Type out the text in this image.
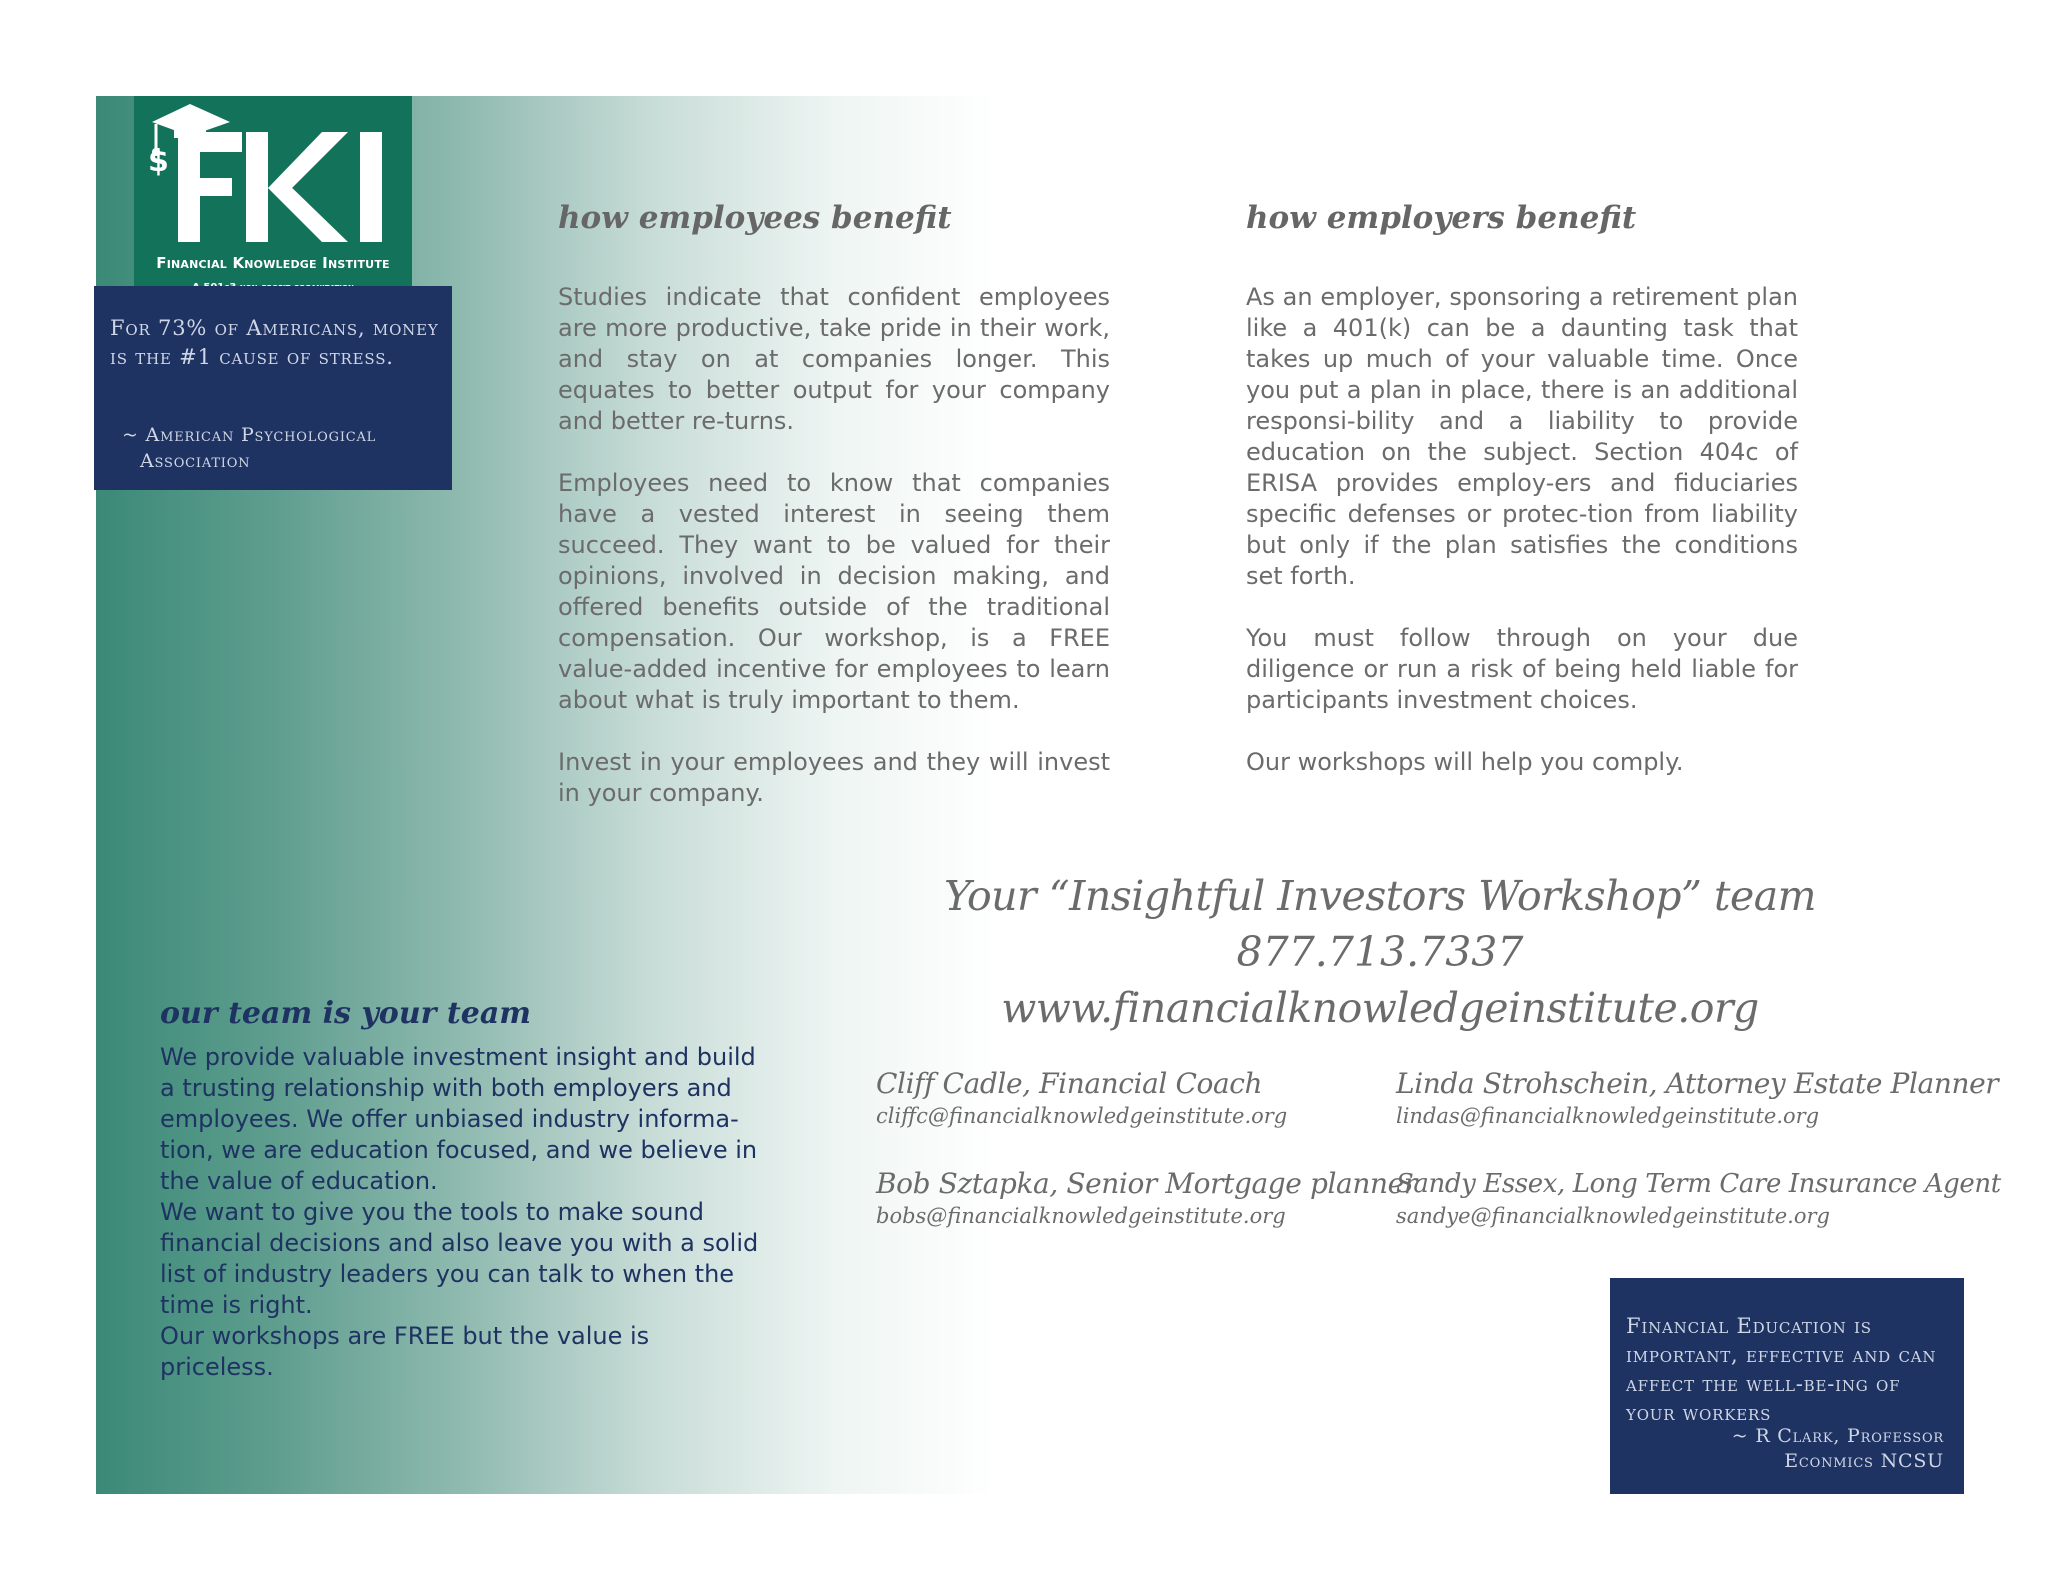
$
Financial Knowledge Institute
For 73% of Americans, money is the #1 cause of stress.
~ American Psychological
Association
how employees benefit

Studies indicate that confident employees are more productive, take pride in their work, and stay on at companies longer. This equates to better output for your company and better re-turns.

Employees need to know that companies have a vested interest in seeing them succeed. They want to be valued for their opinions, involved in decision making, and offered benefits outside of the traditional compensation. Our workshop, is a FREE value-added incentive for employees to learn about what is truly important to them.

Invest in your employees and they will invest in your company.

how employers benefit

As an employer, sponsoring a retirement plan like a 401(k) can be a daunting task that takes up much of your valuable time. Once you put a plan in place, there is an additional responsi-bility and a liability to provide education on the subject. Section 404c of ERISA provides employ-ers and fiduciaries specific defenses or protec-tion from liability but only if the plan satisfies the conditions set forth.

You must follow through on your due diligence or run a risk of being held liable for participants investment choices.

Our workshops will help you comply.

our team is your team

We provide valuable investment insight and build a trusting relationship with both employers and employees. We offer unbiased industry informa-tion, we are education focused, and we believe in the value of education.

We want to give you the tools to make sound financial decisions and also leave you with a solid list of industry leaders you can talk to when the time is right.

Our workshops are FREE but the value is priceless.

Your “Insightful Investors Workshop” team
877.713.7337
www.financialknowledgeinstitute.org
Cliff Cadle, Financial Coach
cliffc@financialknowledgeinstitute.org
Linda Strohschein, Attorney Estate Planner
lindas@financialknowledgeinstitute.org
Bob Sztapka, Senior Mortgage planner
bobs@financialknowledgeinstitute.org
Sandy Essex, Long Term Care Insurance Agent
sandye@financialknowledgeinstitute.org
Financial Education is important, effective and can affect the well-be-ing of your workers
~ R Clark, Professor
Econmics NCSU
